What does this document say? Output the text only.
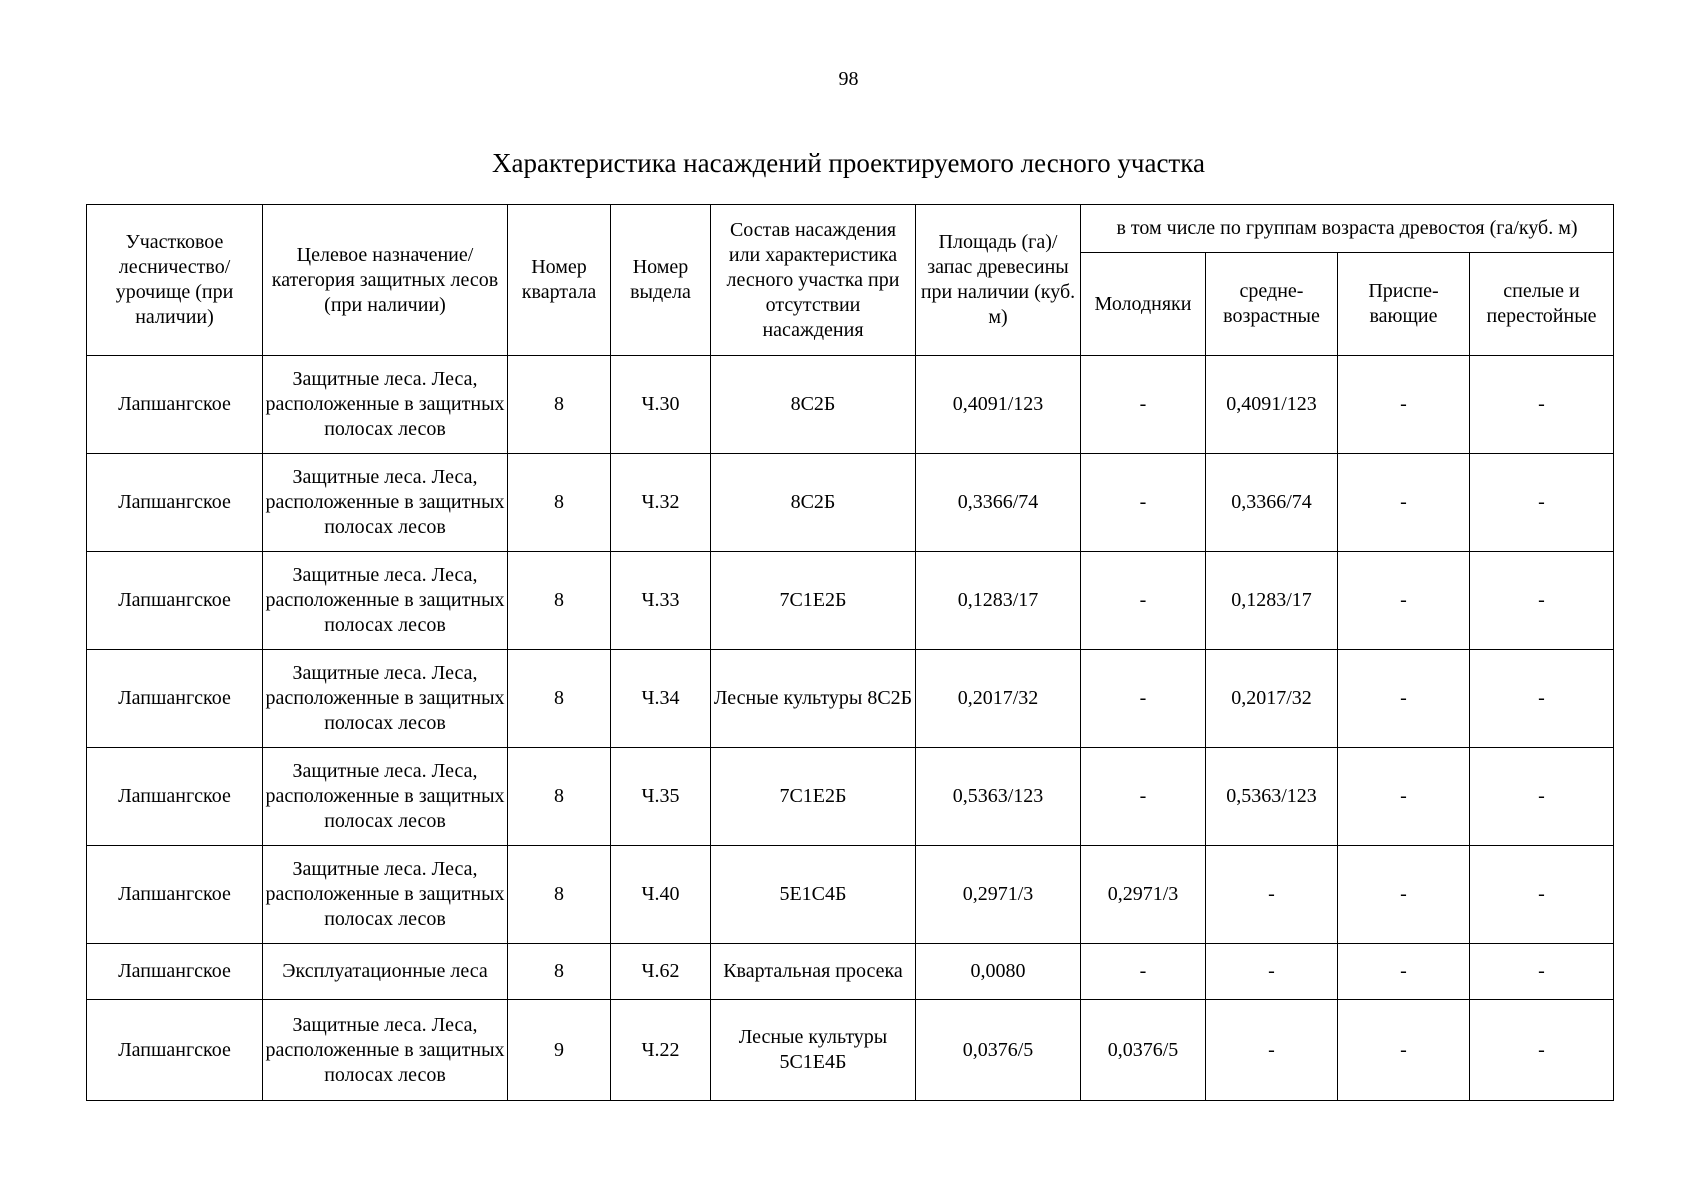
98
Характеристика насаждений проектируемого лесного участка
Участковое лесничество/ урочище (при наличии)	Целевое назначение/ категория защитных лесов (при наличии)	Номер квартала	Номер выдела	Состав насаждения или характеристика лесного участка при отсутствии насаждения	Площадь (га)/ запас древесины при наличии (куб. м)	в том числе по группам возраста древостоя (га/куб. м)			
						Молодняки	средне-возрастные	Приспе-вающие	спелые и перестойные
Лапшангское	Защитные леса. Леса, расположенные в защитных полосах лесов	8	Ч.30	8С2Б	0,4091/123	-	0,4091/123	-	-
Лапшангское	Защитные леса. Леса, расположенные в защитных полосах лесов	8	Ч.32	8С2Б	0,3366/74	-	0,3366/74	-	-
Лапшангское	Защитные леса. Леса, расположенные в защитных полосах лесов	8	Ч.33	7С1Е2Б	0,1283/17	-	0,1283/17	-	-
Лапшангское	Защитные леса. Леса, расположенные в защитных полосах лесов	8	Ч.34	Лесные культуры 8С2Б	0,2017/32	-	0,2017/32	-	-
Лапшангское	Защитные леса. Леса, расположенные в защитных полосах лесов	8	Ч.35	7С1Е2Б	0,5363/123	-	0,5363/123	-	-
Лапшангское	Защитные леса. Леса, расположенные в защитных полосах лесов	8	Ч.40	5Е1С4Б	0,2971/3	0,2971/3	-	-	-
Лапшангское	Эксплуатационные леса	8	Ч.62	Квартальная просека	0,0080	-	-	-	-
Лапшангское	Защитные леса. Леса, расположенные в защитных полосах лесов	9	Ч.22	Лесные культуры 5С1Е4Б	0,0376/5	0,0376/5	-	-	-
